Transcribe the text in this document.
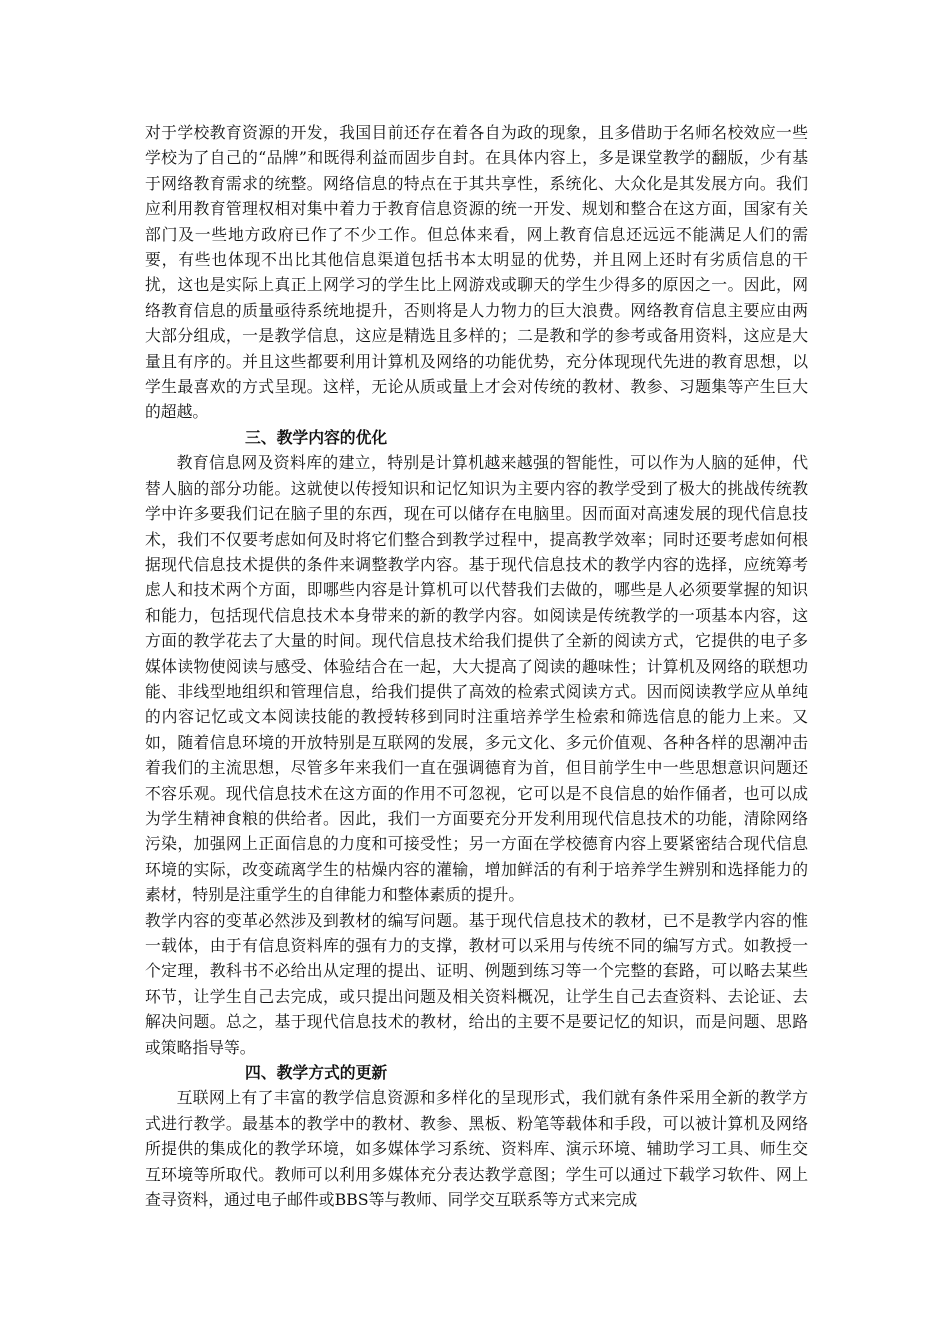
对于学校教育资源的开发，我国目前还存在着各自为政的现象，且多借助于名师名校效应一些学校为了自己的“品牌”和既得利益而固步自封。在具体内容上，多是课堂教学的翻版，少有基于网络教育需求的统整。网络信息的特点在于其共享性，系统化、大众化是其发展方向。我们应利用教育管理权相对集中着力于教育信息资源的统一开发、规划和整合在这方面，国家有关部门及一些地方政府已作了不少工作。但总体来看，网上教育信息还远远不能满足人们的需要，有些也体现不出比其他信息渠道包括书本太明显的优势，并且网上还时有劣质信息的干扰，这也是实际上真正上网学习的学生比上网游戏或聊天的学生少得多的原因之一。因此，网络教育信息的质量亟待系统地提升，否则将是人力物力的巨大浪费。网络教育信息主要应由两大部分组成，一是教学信息，这应是精选且多样的；二是教和学的参考或备用资料，这应是大量且有序的。并且这些都要利用计算机及网络的功能优势，充分体现现代先进的教育思想，以学生最喜欢的方式呈现。这样，无论从质或量上才会对传统的教材、教参、习题集等产生巨大的超越。

三、教学内容的优化

教育信息网及资料库的建立，特别是计算机越来越强的智能性，可以作为人脑的延伸，代替人脑的部分功能。这就使以传授知识和记忆知识为主要内容的教学受到了极大的挑战传统教学中许多要我们记在脑子里的东西，现在可以储存在电脑里。因而面对高速发展的现代信息技术，我们不仅要考虑如何及时将它们整合到教学过程中，提高教学效率；同时还要考虑如何根据现代信息技术提供的条件来调整教学内容。基于现代信息技术的教学内容的选择，应统筹考虑人和技术两个方面，即哪些内容是计算机可以代替我们去做的，哪些是人必须要掌握的知识和能力，包括现代信息技术本身带来的新的教学内容。如阅读是传统教学的一项基本内容，这方面的教学花去了大量的时间。现代信息技术给我们提供了全新的阅读方式，它提供的电子多媒体读物使阅读与感受、体验结合在一起，大大提高了阅读的趣味性；计算机及网络的联想功能、非线型地组织和管理信息，给我们提供了高效的检索式阅读方式。因而阅读教学应从单纯的内容记忆或文本阅读技能的教授转移到同时注重培养学生检索和筛选信息的能力上来。又如，随着信息环境的开放特别是互联网的发展，多元文化、多元价值观、各种各样的思潮冲击着我们的主流思想，尽管多年来我们一直在强调德育为首，但目前学生中一些思想意识问题还不容乐观。现代信息技术在这方面的作用不可忽视，它可以是不良信息的始作俑者，也可以成为学生精神食粮的供给者。因此，我们一方面要充分开发利用现代信息技术的功能，清除网络污染，加强网上正面信息的力度和可接受性；另一方面在学校德育内容上要紧密结合现代信息环境的实际，改变疏离学生的枯燥内容的灌输，增加鲜活的有利于培养学生辨别和选择能力的素材，特别是注重学生的自律能力和整体素质的提升。

教学内容的变革必然涉及到教材的编写问题。基于现代信息技术的教材，已不是教学内容的惟一载体，由于有信息资料库的强有力的支撑，教材可以采用与传统不同的编写方式。如教授一个定理，教科书不必给出从定理的提出、证明、例题到练习等一个完整的套路，可以略去某些环节，让学生自己去完成，或只提出问题及相关资料概况，让学生自己去查资料、去论证、去解决问题。总之，基于现代信息技术的教材，给出的主要不是要记忆的知识，而是问题、思路或策略指导等。

四、教学方式的更新

互联网上有了丰富的教学信息资源和多样化的呈现形式，我们就有条件采用全新的教学方式进行教学。最基本的教学中的教材、教参、黑板、粉笔等载体和手段，可以被计算机及网络所提供的集成化的教学环境，如多媒体学习系统、资料库、演示环境、辅助学习工具、师生交互环境等所取代。教师可以利用多媒体充分表达教学意图；学生可以通过下载学习软件、网上查寻资料，通过电子邮件或BBS等与教师、同学交互联系等方式来完成
